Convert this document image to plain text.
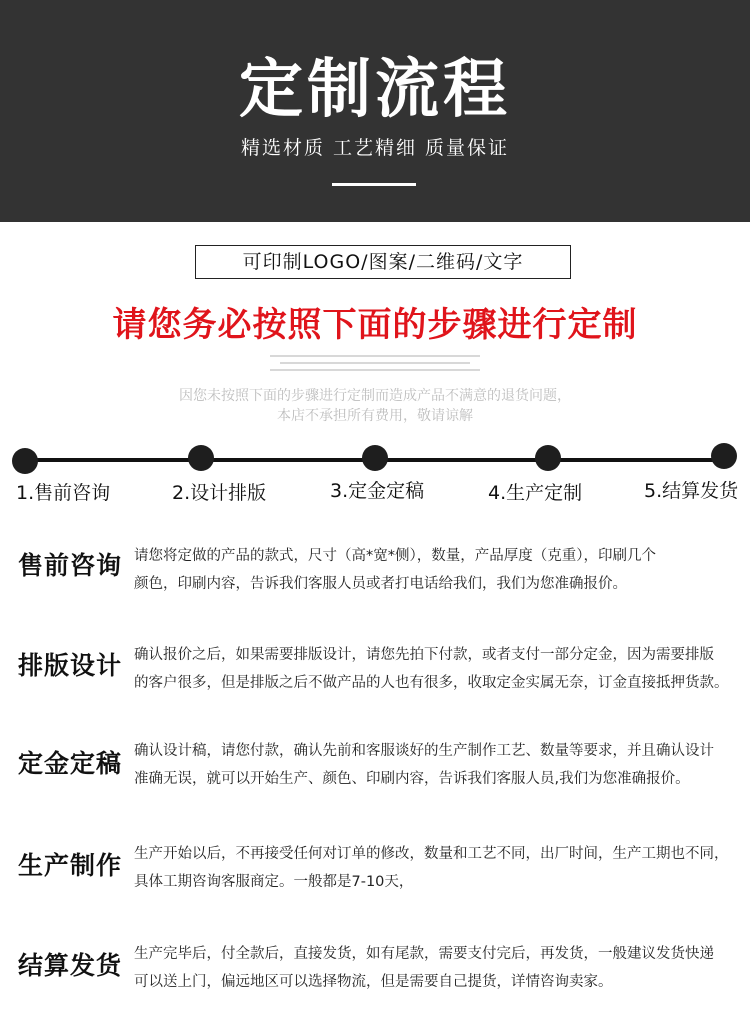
定制流程
精选材质 工艺精细 质量保证
可印制LOGO/图案/二维码/文字
请您务必按照下面的步骤进行定制
因您未按照下面的步骤进行定制而造成产品不满意的退货问题，
本店不承担所有费用，敬请谅解
1.售前咨询	2.设计排版	3.定金定稿	4.生产定制	5.结算发货
售前咨询 请您将定做的产品的款式，尺寸（高*宽*侧），数量，产品厚度（克重），印刷几个
颜色，印刷内容，告诉我们客服人员或者打电话给我们，我们为您准确报价。
排版设计 确认报价之后，如果需要排版设计，请您先拍下付款，或者支付一部分定金，因为需要排版
的客户很多，但是排版之后不做产品的人也有很多，收取定金实属无奈，订金直接抵押货款。
定金定稿 确认设计稿，请您付款，确认先前和客服谈好的生产制作工艺、数量等要求，并且确认设计
准确无误，就可以开始生产、颜色、印刷内容，告诉我们客服人员,我们为您准确报价。
生产制作 生产开始以后，不再接受任何对订单的修改，数量和工艺不同，出厂时间，生产工期也不同，
具体工期咨询客服商定。一般都是7-10天，
结算发货 生产完毕后，付全款后，直接发货，如有尾款，需要支付完后，再发货，一般建议发货快递
可以送上门，偏远地区可以选择物流，但是需要自己提货，详情咨询卖家。
